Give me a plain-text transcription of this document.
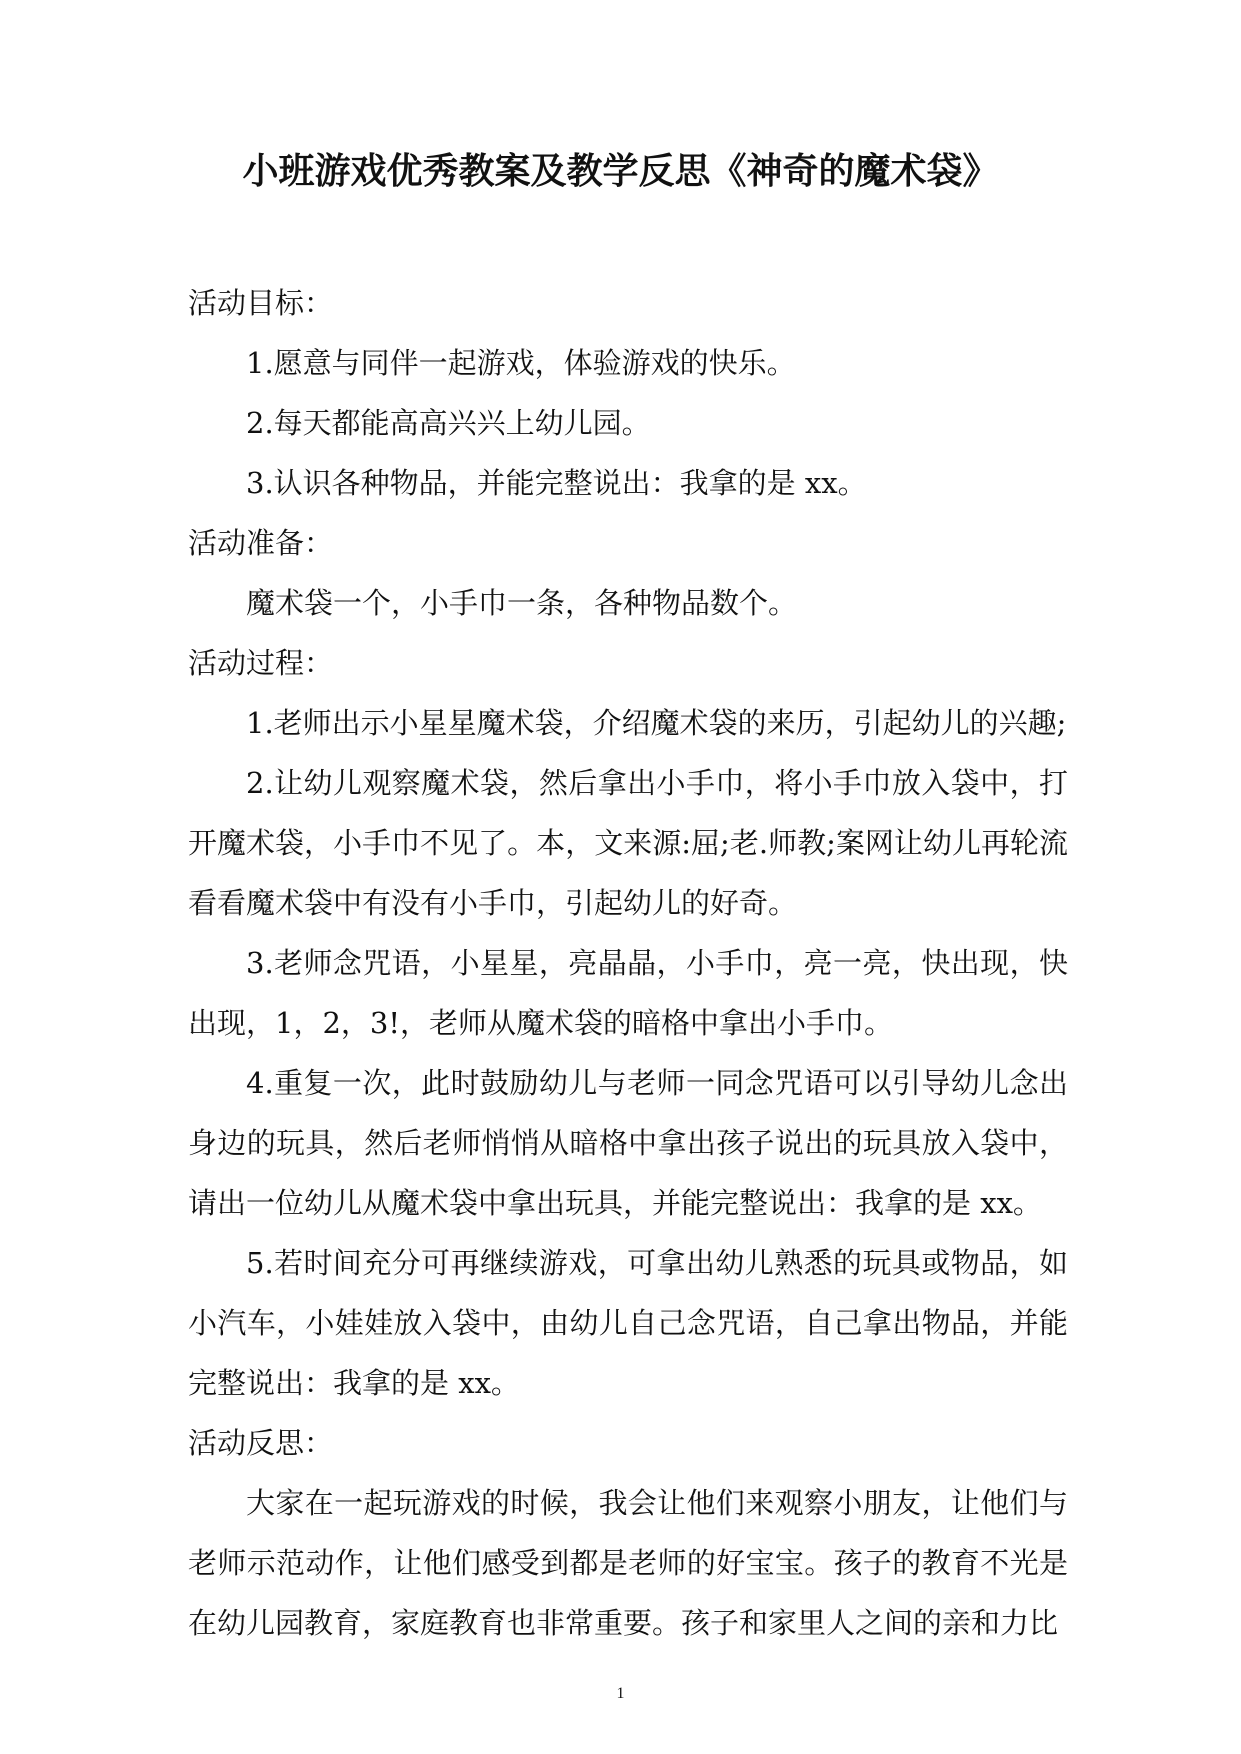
小班游戏优秀教案及教学反思《神奇的魔术袋》

活动目标：

1.愿意与同伴一起游戏，体验游戏的快乐。

2.每天都能高高兴兴上幼儿园。

3.认识各种物品，并能完整说出：我拿的是 xx。

活动准备：

魔术袋一个，小手巾一条，各种物品数个。

活动过程：

1.老师出示小星星魔术袋，介绍魔术袋的来历，引起幼儿的兴趣;

2.让幼儿观察魔术袋，然后拿出小手巾，将小手巾放入袋中，打开魔术袋，小手巾不见了。本，文来源:屈;老.师教;案网让幼儿再轮流看看魔术袋中有没有小手巾，引起幼儿的好奇。

3.老师念咒语，小星星，亮晶晶，小手巾，亮一亮，快出现，快出现，1，2，3!，老师从魔术袋的暗格中拿出小手巾。

4.重复一次，此时鼓励幼儿与老师一同念咒语可以引导幼儿念出身边的玩具，然后老师悄悄从暗格中拿出孩子说出的玩具放入袋中，请出一位幼儿从魔术袋中拿出玩具，并能完整说出：我拿的是 xx。

5.若时间充分可再继续游戏，可拿出幼儿熟悉的玩具或物品，如小汽车，小娃娃放入袋中，由幼儿自己念咒语，自己拿出物品，并能完整说出：我拿的是 xx。

活动反思：

大家在一起玩游戏的时候，我会让他们来观察小朋友，让他们与老师示范动作，让他们感受到都是老师的好宝宝。孩子的教育不光是在幼儿园教育，家庭教育也非常重要。孩子和家里人之间的亲和力比

1
